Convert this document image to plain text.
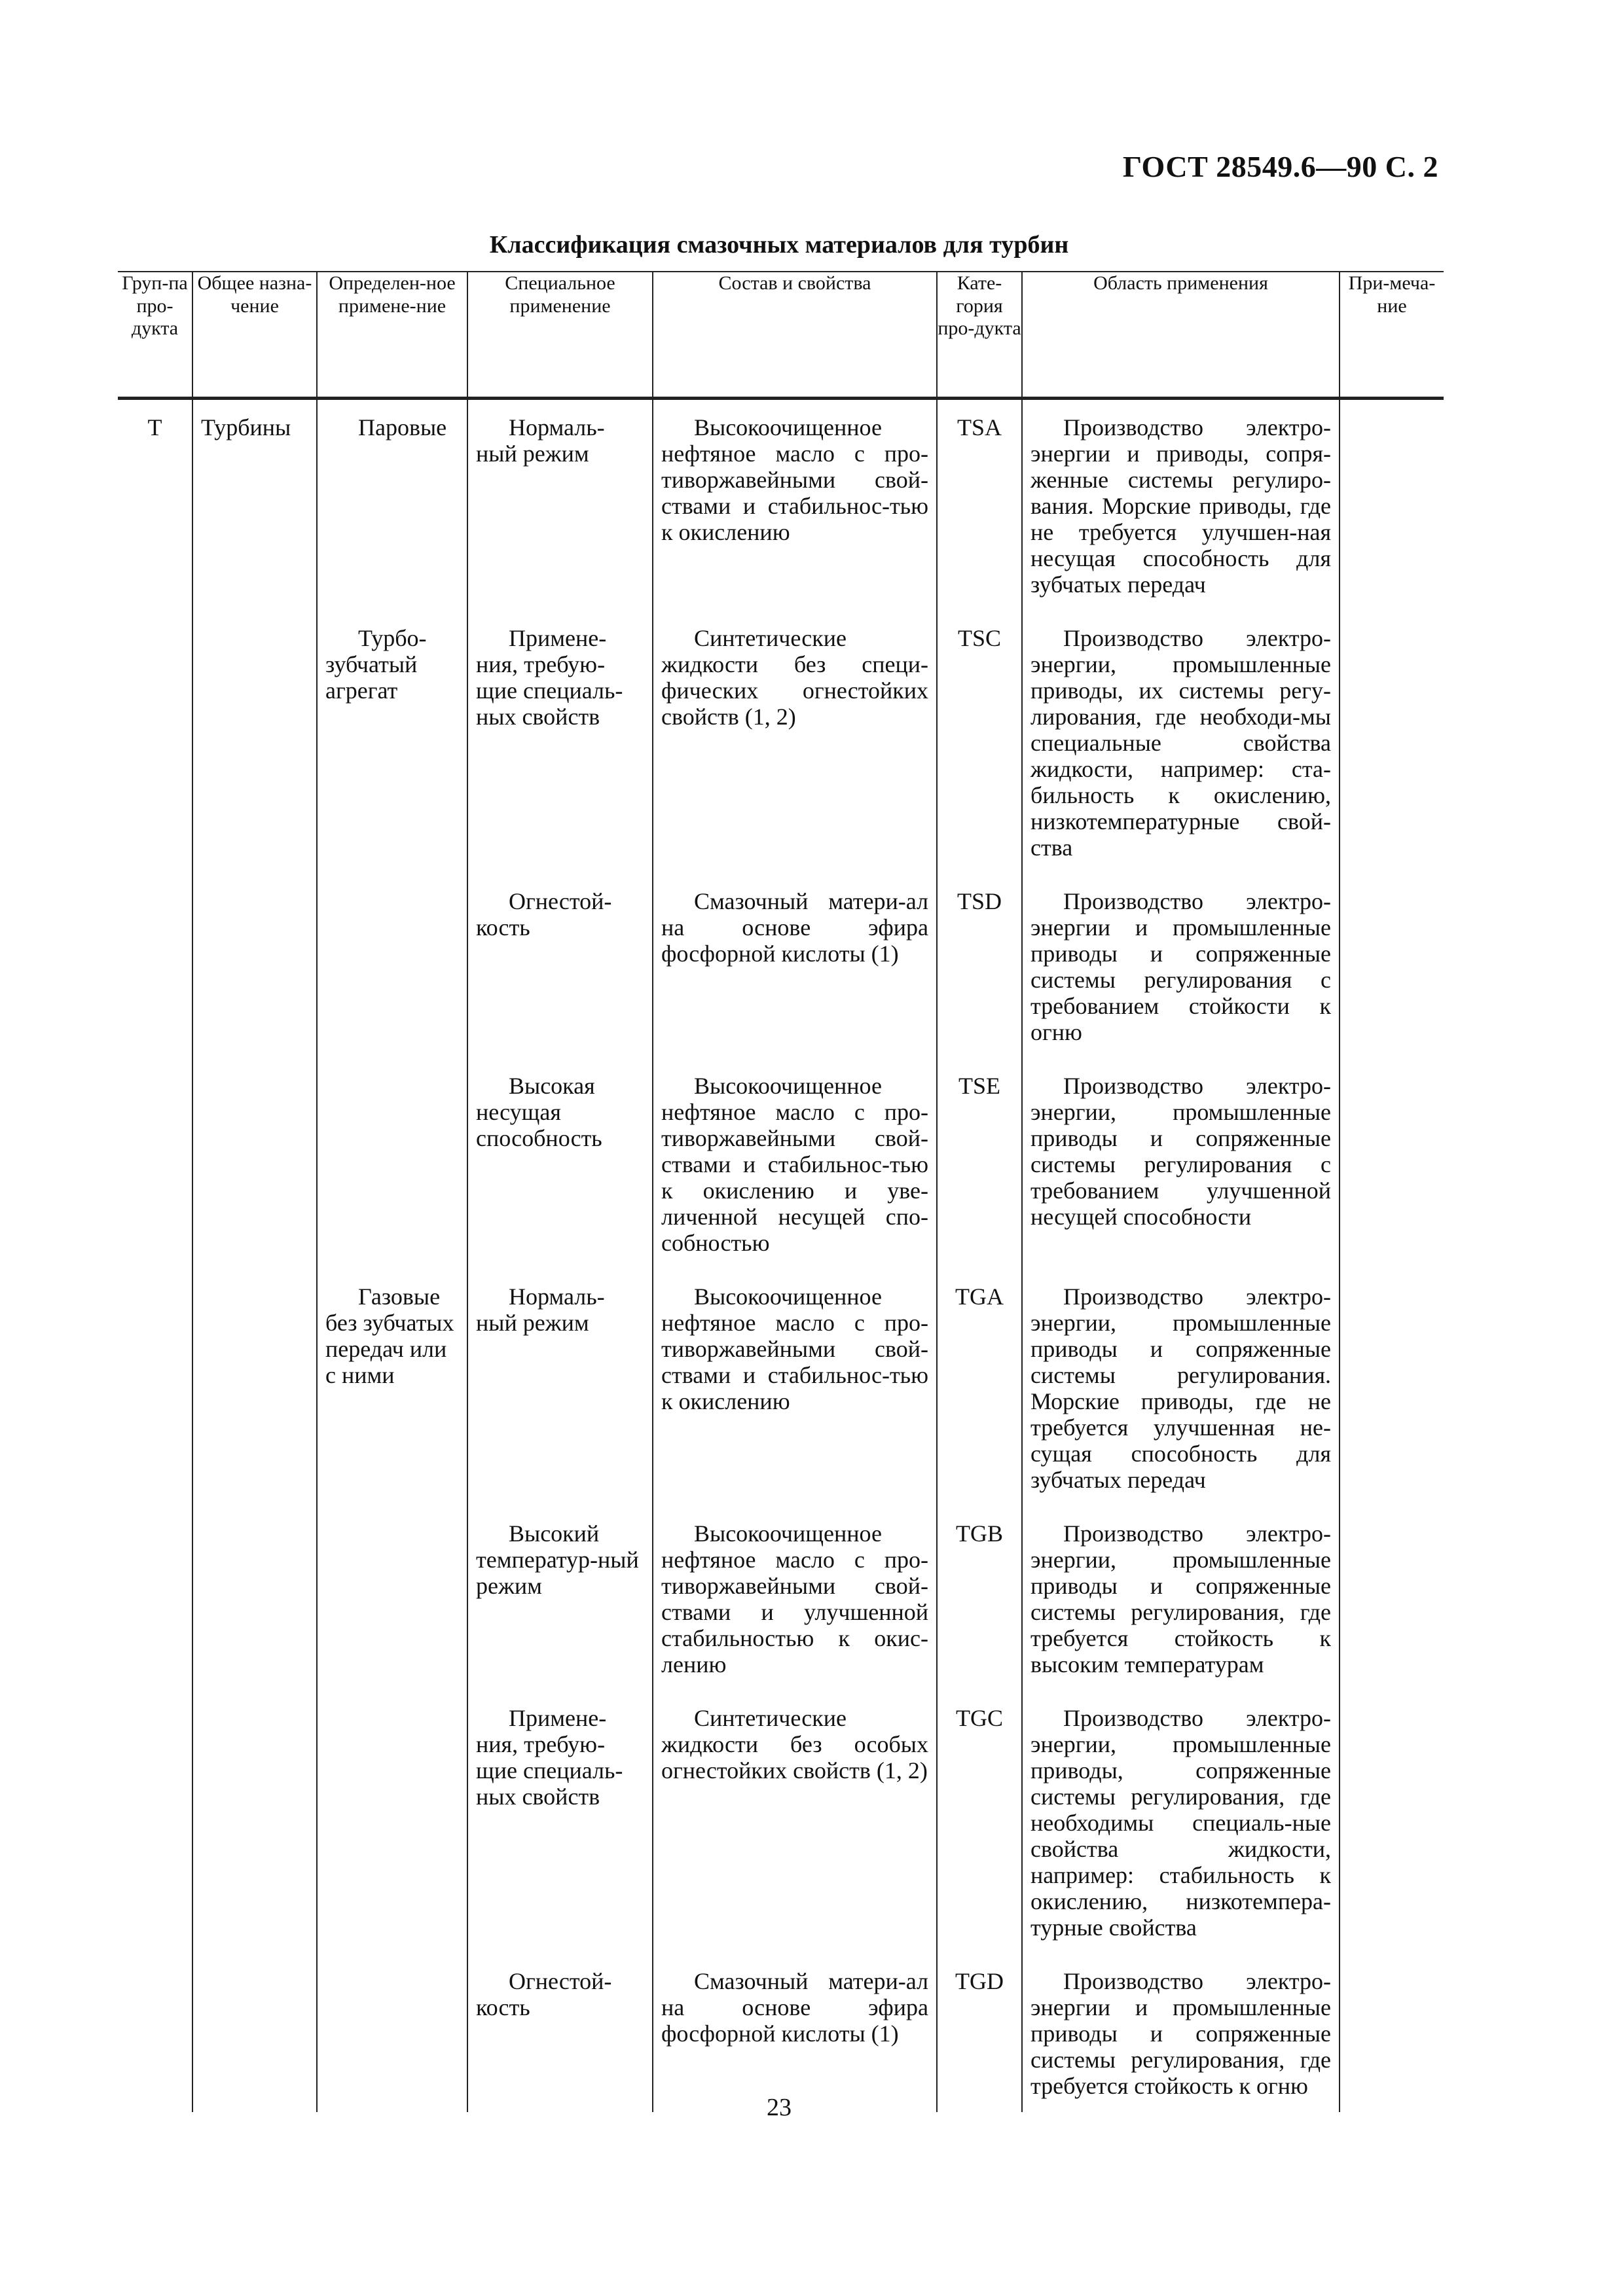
ГОСТ 28549.6—90 С. 2
Классификация смазочных материалов для турбин
Груп-па про-дукта	Общее назна-чение	Определен-ное примене-ние	Специальное применение	Состав и свойства	Кате-гория про-дукта	Область применения	При-меча-ние

Т	Турбины	Паровые	Нормаль-ный режим	Высокоочищенное нефтяное масло с про-тиворжавейными свой-ствами и стабильнос-тью к окислению	TSA	Производство электро-энергии и приводы, сопря-женные системы регулиро-вания. Морские приводы, где не требуется улучшен-ная несущая способность для зубчатых передач	

		Турбо-зубчатый агрегат	Примене-ния, требую-щие специаль-ных свойств	Синтетические жидкости без специ-фических огнестойких свойств (1, 2)	TSC	Производство электро-энергии, промышленные приводы, их системы регу-лирования, где необходи-мы специальные свойства жидкости, например: ста-бильность к окислению, низкотемпературные свой-ства	

			Огнестой-кость	Смазочный матери-ал на основе эфира фосфорной кислоты (1)	TSD	Производство электро-энергии и промышленные приводы и сопряженные системы регулирования с требованием стойкости к огню	

			Высокая несущая способность	Высокоочищенное нефтяное масло с про-тиворжавейными свой-ствами и стабильнос-тью к окислению и уве-личенной несущей спо-собностью	TSE	Производство электро-энергии, промышленные приводы и сопряженные системы регулирования с требованием улучшенной несущей способности	

		Газовые без зубчатых передач или с ними	Нормаль-ный режим	Высокоочищенное нефтяное масло с про-тиворжавейными свой-ствами и стабильнос-тью к окислению	TGA	Производство электро-энергии, промышленные приводы и сопряженные системы регулирования. Морские приводы, где не требуется улучшенная не-сущая способность для зубчатых передач	

			Высокий температур-ный режим	Высокоочищенное нефтяное масло с про-тиворжавейными свой-ствами и улучшенной стабильностью к окис-лению	TGB	Производство электро-энергии, промышленные приводы и сопряженные системы регулирования, где требуется стойкость к высоким температурам	

			Примене-ния, требую-щие специаль-ных свойств	Синтетические жидкости без особых огнестойких свойств (1, 2)	TGC	Производство электро-энергии, промышленные приводы, сопряженные системы регулирования, где необходимы специаль-ные свойства жидкости, например: стабильность к окислению, низкотемпера-турные свойства	

			Огнестой-кость	Смазочный матери-ал на основе эфира фосфорной кислоты (1)	TGD	Производство электро-энергии и промышленные приводы и сопряженные системы регулирования, где требуется стойкость к огню	

23
